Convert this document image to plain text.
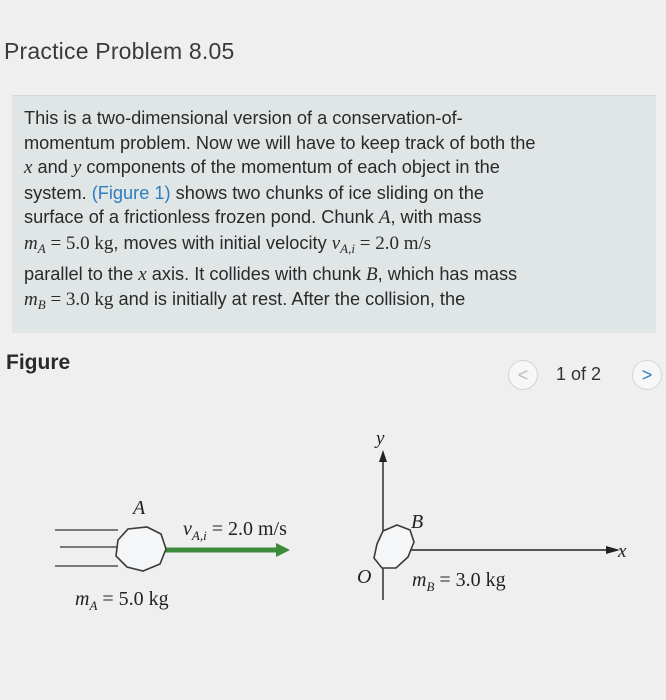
Practice Problem 8.05
This is a two-dimensional version of a conservation-of-
momentum problem. Now we will have to keep track of both the
x and y components of the momentum of each object in the
system. (Figure 1) shows two chunks of ice sliding on the
surface of a frictionless frozen pond. Chunk A, with mass
$m_A = 5.0$ kg, moves with initial velocity $v_{A,i} = 2.0$ m/s
parallel to the x axis. It collides with chunk B, which has mass
$m_B = 3.0$ kg and is initially at rest. After the collision, the
Figure
<	1 of 2	>
y
x
O
A
B
$v_{A,i} = 2.0$ m/s
$m_A = 5.0$ kg
$m_B = 3.0$ kg
